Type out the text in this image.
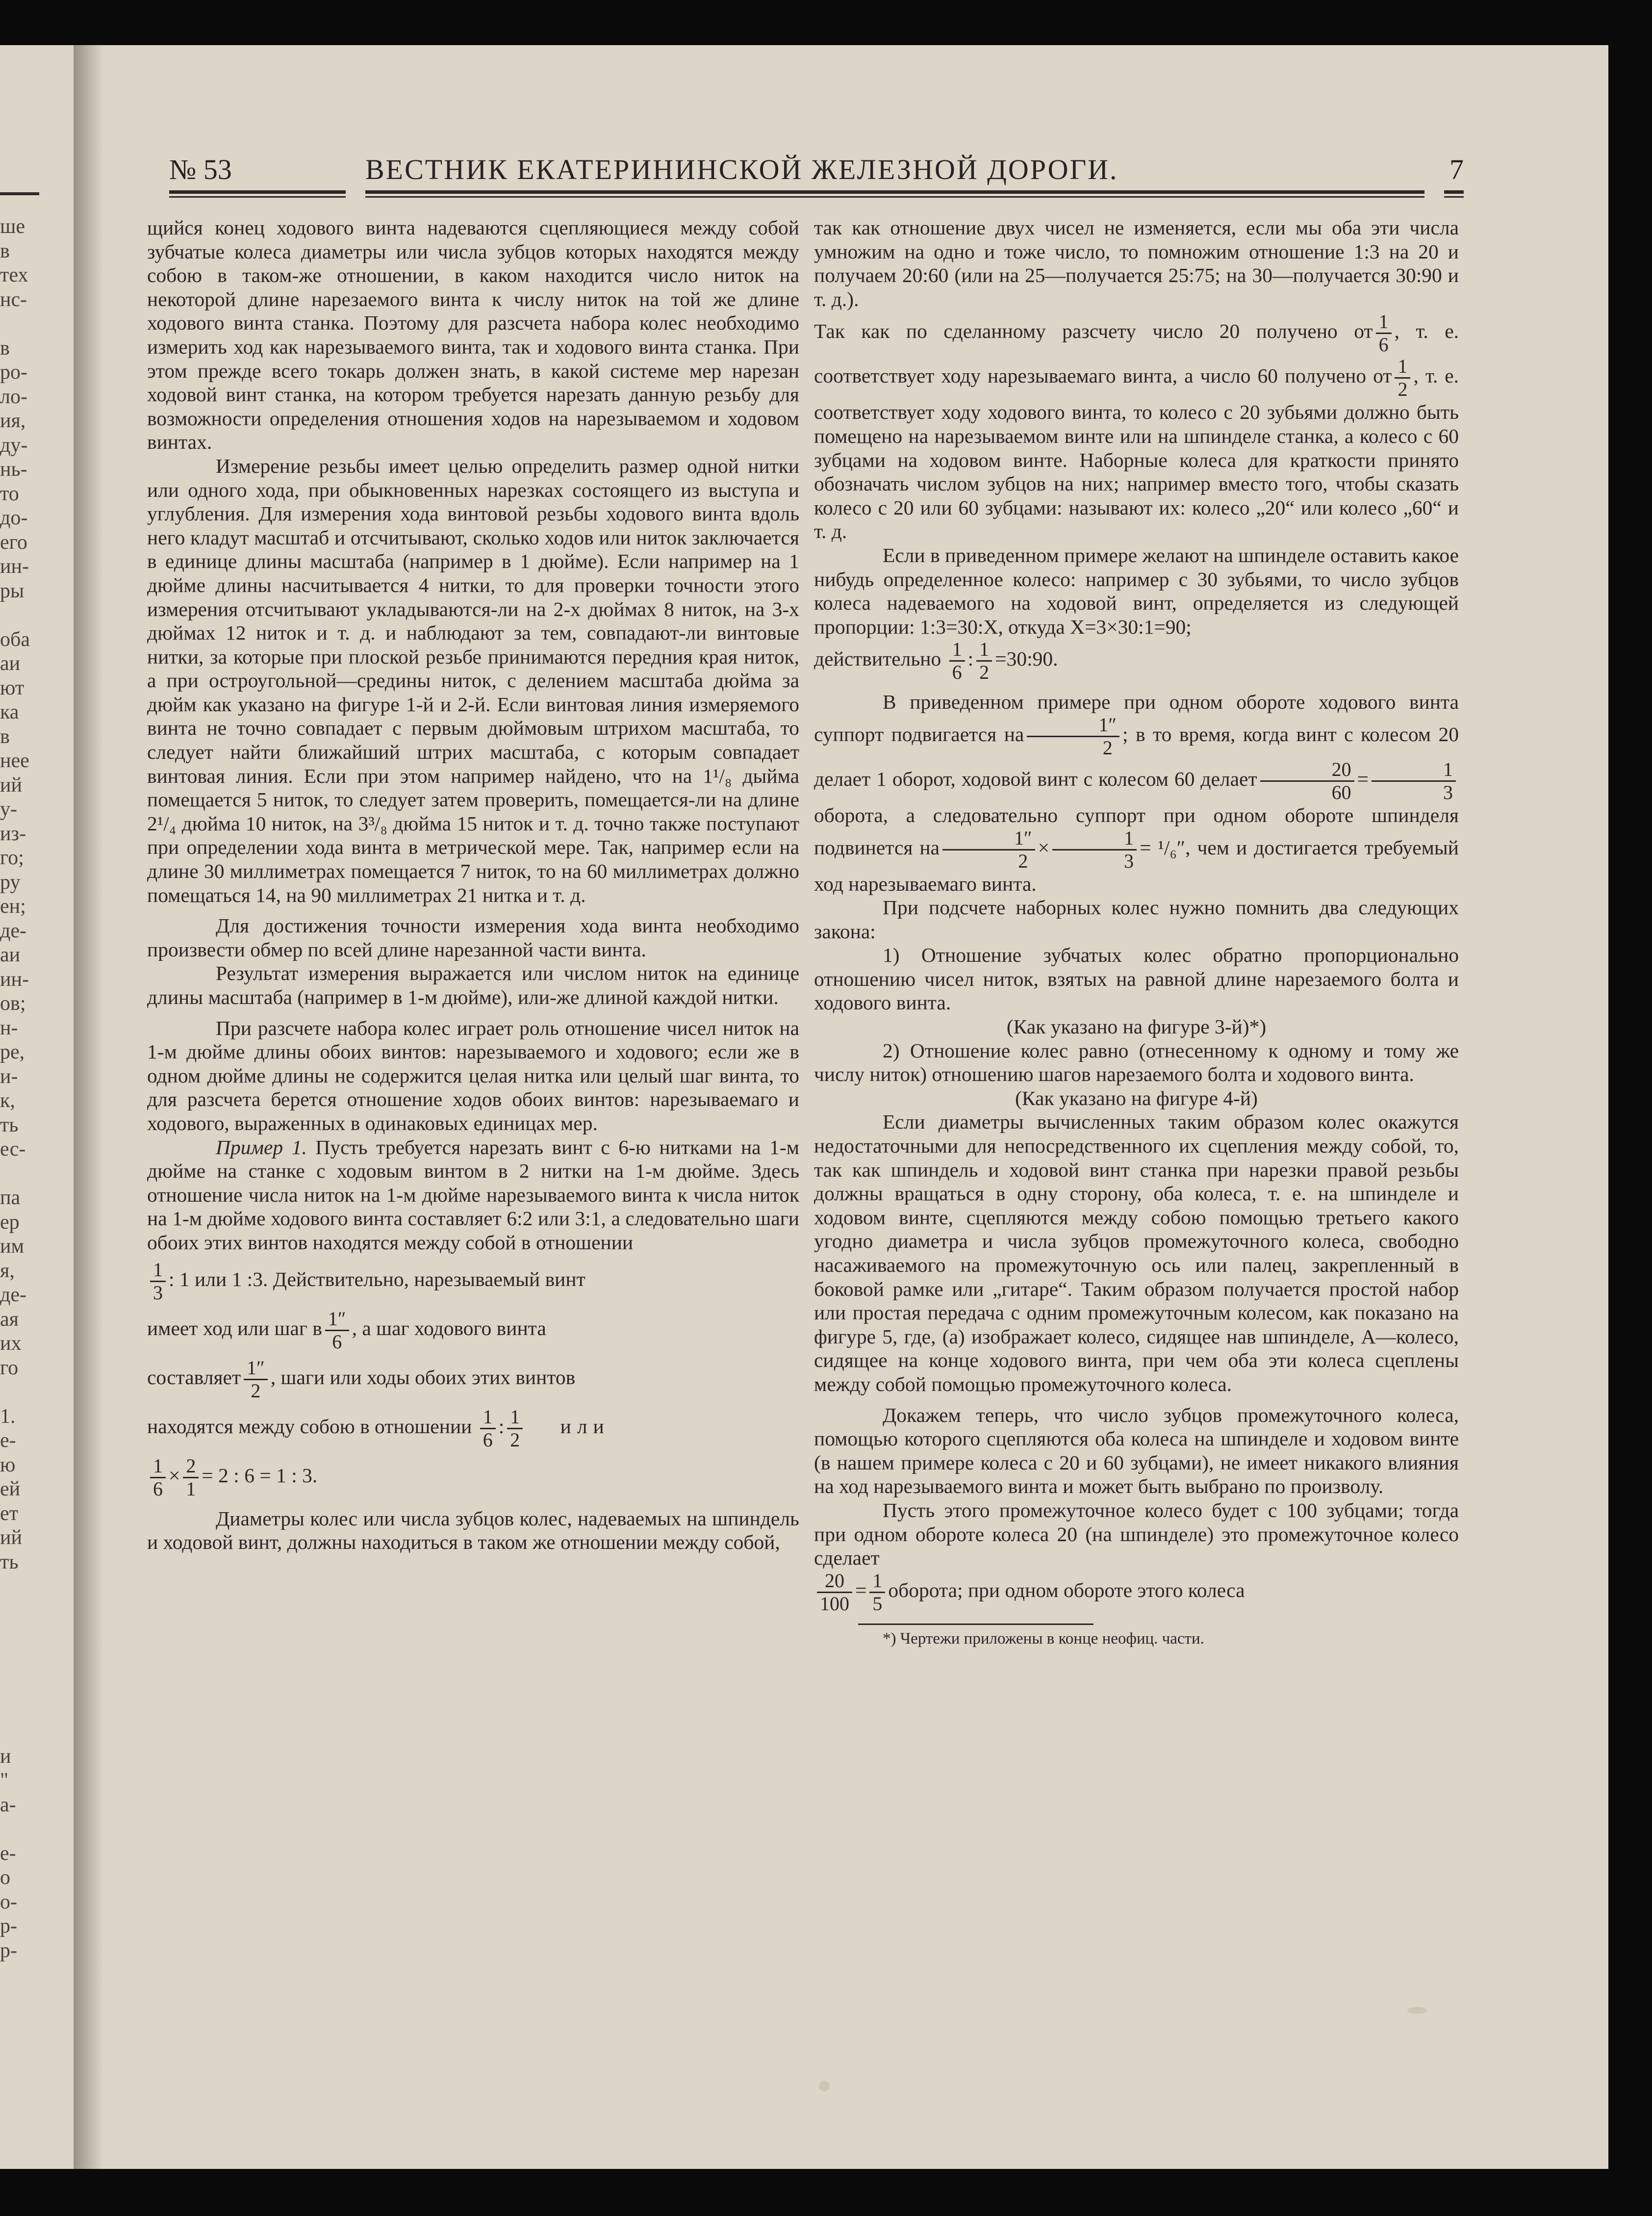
ше
в
тех
нс-
в
ро-
ло-
ия,
ду-
нь-
то
до-
его
ин-
ры
оба
аи
ют
ка
в
нее
ий
у-
из-
го;
ру
ен;
де-
аи
ин-
ов;
н-
ре,
и-
к,
ть
ес-
па
ер
им
я,
де-
ая
их
го
1.
е-
ю
ей
ет
ий
ть
и
"
а-
е-
о
о-
р-
р-
№ 53	ВЕСТНИК ЕКАТЕРИНИНСКОЙ ЖЕЛЕЗНОЙ ДОРОГИ.	7

щийся конец ходового винта надеваются сцепляющиеся между собой зубчатые колеса диаметры или числа зубцов которых находятся между собою в таком-же отношении, в каком находится число ниток на некоторой длине нарезаемого винта к числу ниток на той же длине ходового винта станка. Поэтому для разсчета набора колес необходимо измерить ход как нарезываемого винта, так и ходового винта станка. При этом прежде всего токарь должен знать, в какой системе мер нарезан ходовой винт станка, на котором требуется нарезать данную резьбу для возможности определения отношения ходов на нарезываемом и ходовом винтах.

Измерение резьбы имеет целью определить размер одной нитки или одного хода, при обыкновенных нарезках состоящего из выступа и углубления. Для измерения хода винтовой резьбы ходового винта вдоль него кладут масштаб и отсчитывают, сколько ходов или ниток заключается в единице длины масштаба (например в 1 дюйме). Если например на 1 дюйме длины насчитывается 4 нитки, то для проверки точности этого измерения отсчитывают укладываются-ли на 2-х дюймах 8 ниток, на 3-х дюймах 12 ниток и т. д. и наблюдают за тем, совпадают-ли винтовые нитки, за которые при плоской резьбе принимаются передния края ниток, а при остроугольной—средины ниток, с делением масштаба дюйма за дюйм как указано на фигуре 1-й и 2-й. Если винтовая линия измеряемого винта не точно совпадает с первым дюймовым штрихом масштаба, то следует найти ближайший штрих масштаба, с которым совпадает винтовая линия. Если при этом например найдено, что на 1¹/₈ дыйма помещается 5 ниток, то следует затем проверить, помещается-ли на длине 2¹/₄ дюйма 10 ниток, на 3³/₈ дюйма 15 ниток и т. д. точно также поступают при определении хода винта в метрической мере. Так, например если на длине 30 миллиметрах помещается 7 ниток, то на 60 миллиметрах должно помещаться 14, на 90 миллиметрах 21 нитка и т. д.

Для достижения точности измерения хода винта необходимо произвести обмер по всей длине нарезанной части винта.

Результат измерения выражается или числом ниток на единице длины масштаба (например в 1-м дюйме), или-же длиной каждой нитки.

При разсчете набора колес играет роль отношение чисел ниток на 1-м дюйме длины обоих винтов: нарезываемого и ходового; если же в одном дюйме длины не содержится целая нитка или целый шаг винта, то для разсчета берется отношение ходов обоих винтов: нарезываемаго и ходового, выраженных в одинаковых единицах мер.

Пример 1. Пусть требуется нарезать винт с 6-ю нитками на 1-м дюйме на станке с ходовым винтом в 2 нитки на 1-м дюйме. Здесь отношение числа ниток на 1-м дюйме нарезываемого винта к числа ниток на 1-м дюйме ходового винта составляет 6:2 или 3:1, а следовательно шаги обоих этих винтов находятся между собой в отношении

$\frac{1}{3}$ : 1 или 1 :3. Действительно, нарезываемый винт

имеет ход или шаг в $\frac{1''}{6}$ , а шаг ходового винта

составляет $\frac{1''}{2}$ , шаги или ходы обоих этих винтов

находятся между собою в отношении $\frac{1}{6}$ : $\frac{1}{2}$ или

$\frac{1}{6} \times \frac{2}{1} = 2$ : 6 = 1 : 3.

Диаметры колес или числа зубцов колес, надеваемых на шпиндель и ходовой винт, должны находиться в таком же отношении между собой,

так как отношение двух чисел не изменяется, если мы оба эти числа умножим на одно и тоже число, то помножим отношение 1:3 на 20 и получаем 20:60 (или на 25—получается 25:75; на 30—получается 30:90 и т. д.).

Так как по сделанному разсчету число 20 получено от $\frac{1}{6}$ , т. е. соответствует ходу нарезываемаго винта, а число 60 получено от $\frac{1}{2}$ , т. е. соответствует ходу ходового винта, то колесо с 20 зубьями должно быть помещено на нарезываемом винте или на шпинделе станка, а колесо с 60 зубцами на ходовом винте. Наборные колеса для краткости принято обозначать числом зубцов на них; например вместо того, чтобы сказать колесо с 20 или 60 зубцами: называют их: колесо „20“ или колесо „60“ и т. д.

Если в приведенном примере желают на шпинделе оставить какое нибудь определенное колесо: например с 30 зубьями, то число зубцов колеса надеваемого на ходовой винт, определяется из следующей пропорции: 1:3=30:X, откуда X=3×30:1=90;

действительно $\frac{1}{6}$ : $\frac{1}{2}$ =30:90.

В приведенном примере при одном обороте ходового винта суппорт подвигается на $\frac{1''}{2}$ ; в то время, когда винт с колесом 20 делает 1 оборот, ходовой винт с колесом 60 делает $\frac{20}{60} = \frac{1}{3}$
оборота, а следовательно суппорт при одном обороте шпинделя подвинется на $\frac{1''}{2} \times \frac{1}{3} = ^1/_6''$, чем и достигается требуемый ход нарезываемаго винта.

При подсчете наборных колес нужно помнить два следующих закона:

1) Отношение зубчатых колес обратно пропорционально отношению чисел ниток, взятых на равной длине нарезаемого болта и ходового винта.

(Как указано на фигуре 3-й)*)

2) Отношение колес равно (отнесенному к одному и тому же числу ниток) отношению шагов нарезаемого болта и ходового винта.

(Как указано на фигуре 4-й)

Если диаметры вычисленных таким образом колес окажутся недостаточными для непосредственного их сцепления между собой, то, так как шпиндель и ходовой винт станка при нарезки правой резьбы должны вращаться в одну сторону, оба колеса, т. е. на шпинделе и ходовом винте, сцепляются между собою помощью третьего какого угодно диаметра и числа зубцов промежуточного колеса, свободно насаживаемого на промежуточную ось или палец, закрепленный в боковой рамке или „гитаре“. Таким образом получается простой набор или простая передача с одним промежуточным колесом, как показано на фигуре 5, где, (а) изображает колесо, сидящее нав шпинделе, А—колесо, сидящее на конце ходового винта, при чем оба эти колеса сцеплены между собой помощью промежуточного колеса.

Докажем теперь, что число зубцов промежуточного колеса, помощью которого сцепляются оба колеса на шпинделе и ходовом винте (в нашем примере колеса с 20 и 60 зубцами), не имеет никакого влияния на ход нарезываемого винта и может быть выбрано по произволу.

Пусть этого промежуточное колесо будет с 100 зубцами; тогда при одном обороте колеса 20 (на шпинделе) это промежуточное колесо сделает

$\frac{20}{100} = \frac{1}{5}$ оборота; при одном обороте этого колеса

*) Чертежи приложены в конце неофиц. части.
